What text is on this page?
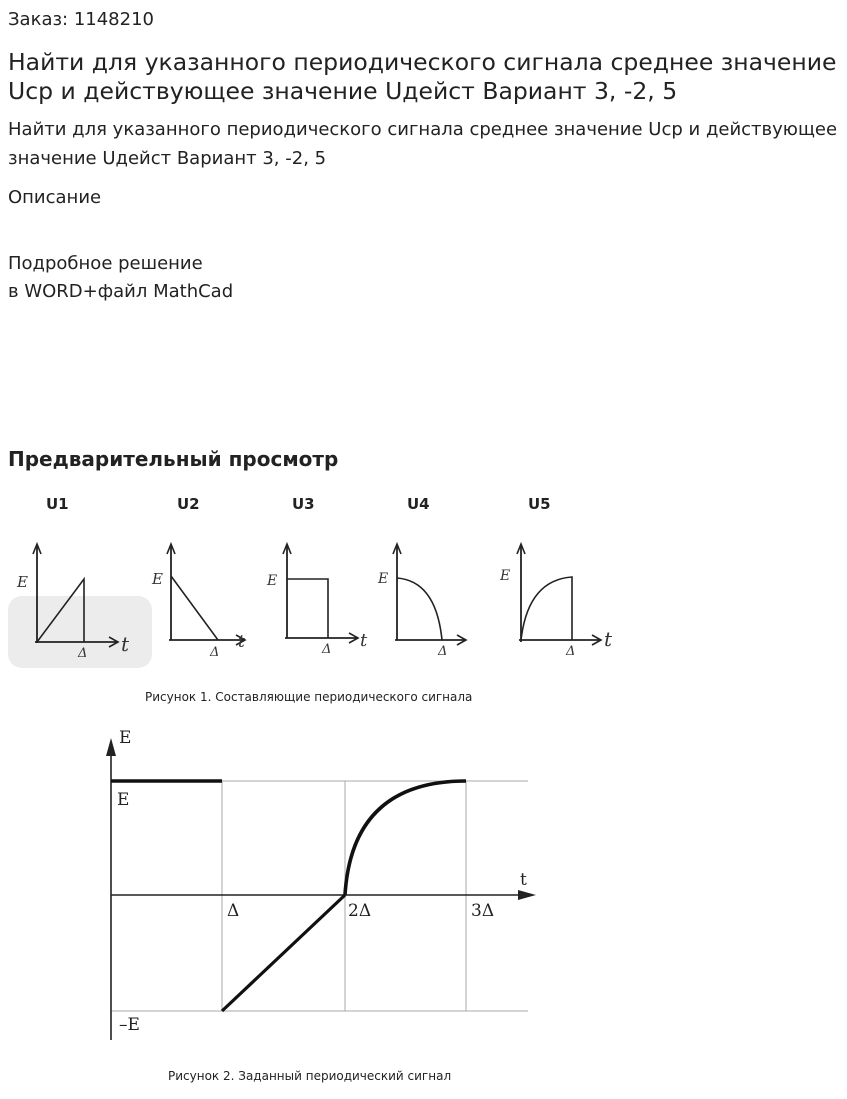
Заказ: 1148210
Найти для указанного периодического сигнала среднее значение Uср и действующее значение Uдейст Вариант 3, -2, 5
Найти для указанного периодического сигнала среднее значение Uср и действующее значение Uдейст Вариант 3, -2, 5
Описание
Подробное решение
в WORD+файл MathCad
Предварительный просмотр
U1
E
t
Δ
U2
E
t
Δ
U3
E
t
Δ
U4
E
Δ
U5
E
t
Δ
Рисунок 1. Составляющие периодического сигнала
E
t
E
–E
Δ	2Δ	3Δ
Рисунок 2. Заданный периодический сигнал
